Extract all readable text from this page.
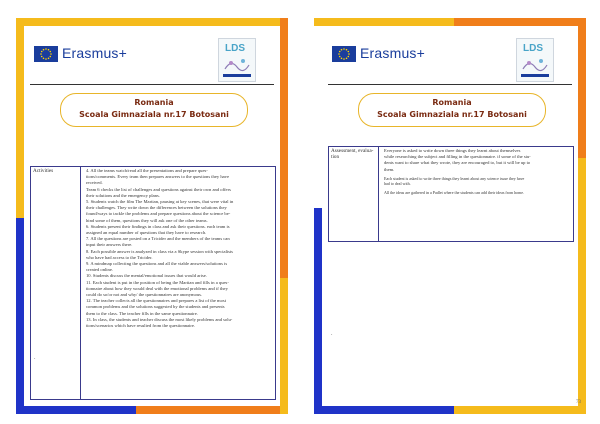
Erasmus+	LDS
Romania
Scoala Gimnaziala nr.17 Botosani
Activities
.

4. All the teams watch/read all the presentations and prepare ques-

tions/comments. Every team then prepares answers to the questions they have

received.

Team 6 checks the list of challenges and questions against their own and offers

their solutions and the emergency plans.

5. Students watch the film The Martian, pausing at key scenes, that were vital in

their challenges. They write down the differences between the solutions they

found/ways to tackle the problems and prepare questions about the science be-

hind some of them, questions they will ask one of the other teams.

6. Students present their findings in class and ask their questions. each team is

assigned an equal number of questions that they have to research.

7. All the questions are posted on a Tricider and the members of the teams can

input their answers there.

8. Each possible answer is analyzed in class via a Skype session with specialists

who have had access to the Tricider.

9. A mindmap collecting the questions and all the viable answers/solutions is

created online.

10. Students discuss the mental/emotional issues that would arise.

11. Each student is put in the position of being the Martian and fills in a ques-

tionnaire about how they would deal with the emotional problems and if they

could do so/or not and why/ the questionnaires are anonymous.

12. The teacher collects all the questionnaires and prepares a list of the most

common problems and the solutions suggested by the students and presents

them to the class. The teacher fills in the same questionnaire.

13. In class, the students and teacher discuss the most likely problems and solu-

tions/scenarios which have resulted from the questionnaire.

Erasmus+	LDS
Romania
Scoala Gimnaziala nr.17 Botosani
Assessment, evalua-
tion

Everyone is asked to write down three things they learnt about themselves

while researching the subject and filling in the questionnaire. if some of the stu-

dents want to share what they wrote, they are encouraged to, but it will be up to

them.

Each student is asked to write three things they learnt about any science issue they have

had to deal with.

All the ideas are gathered in a Padlet where the students can add their ideas from home.

.
73
